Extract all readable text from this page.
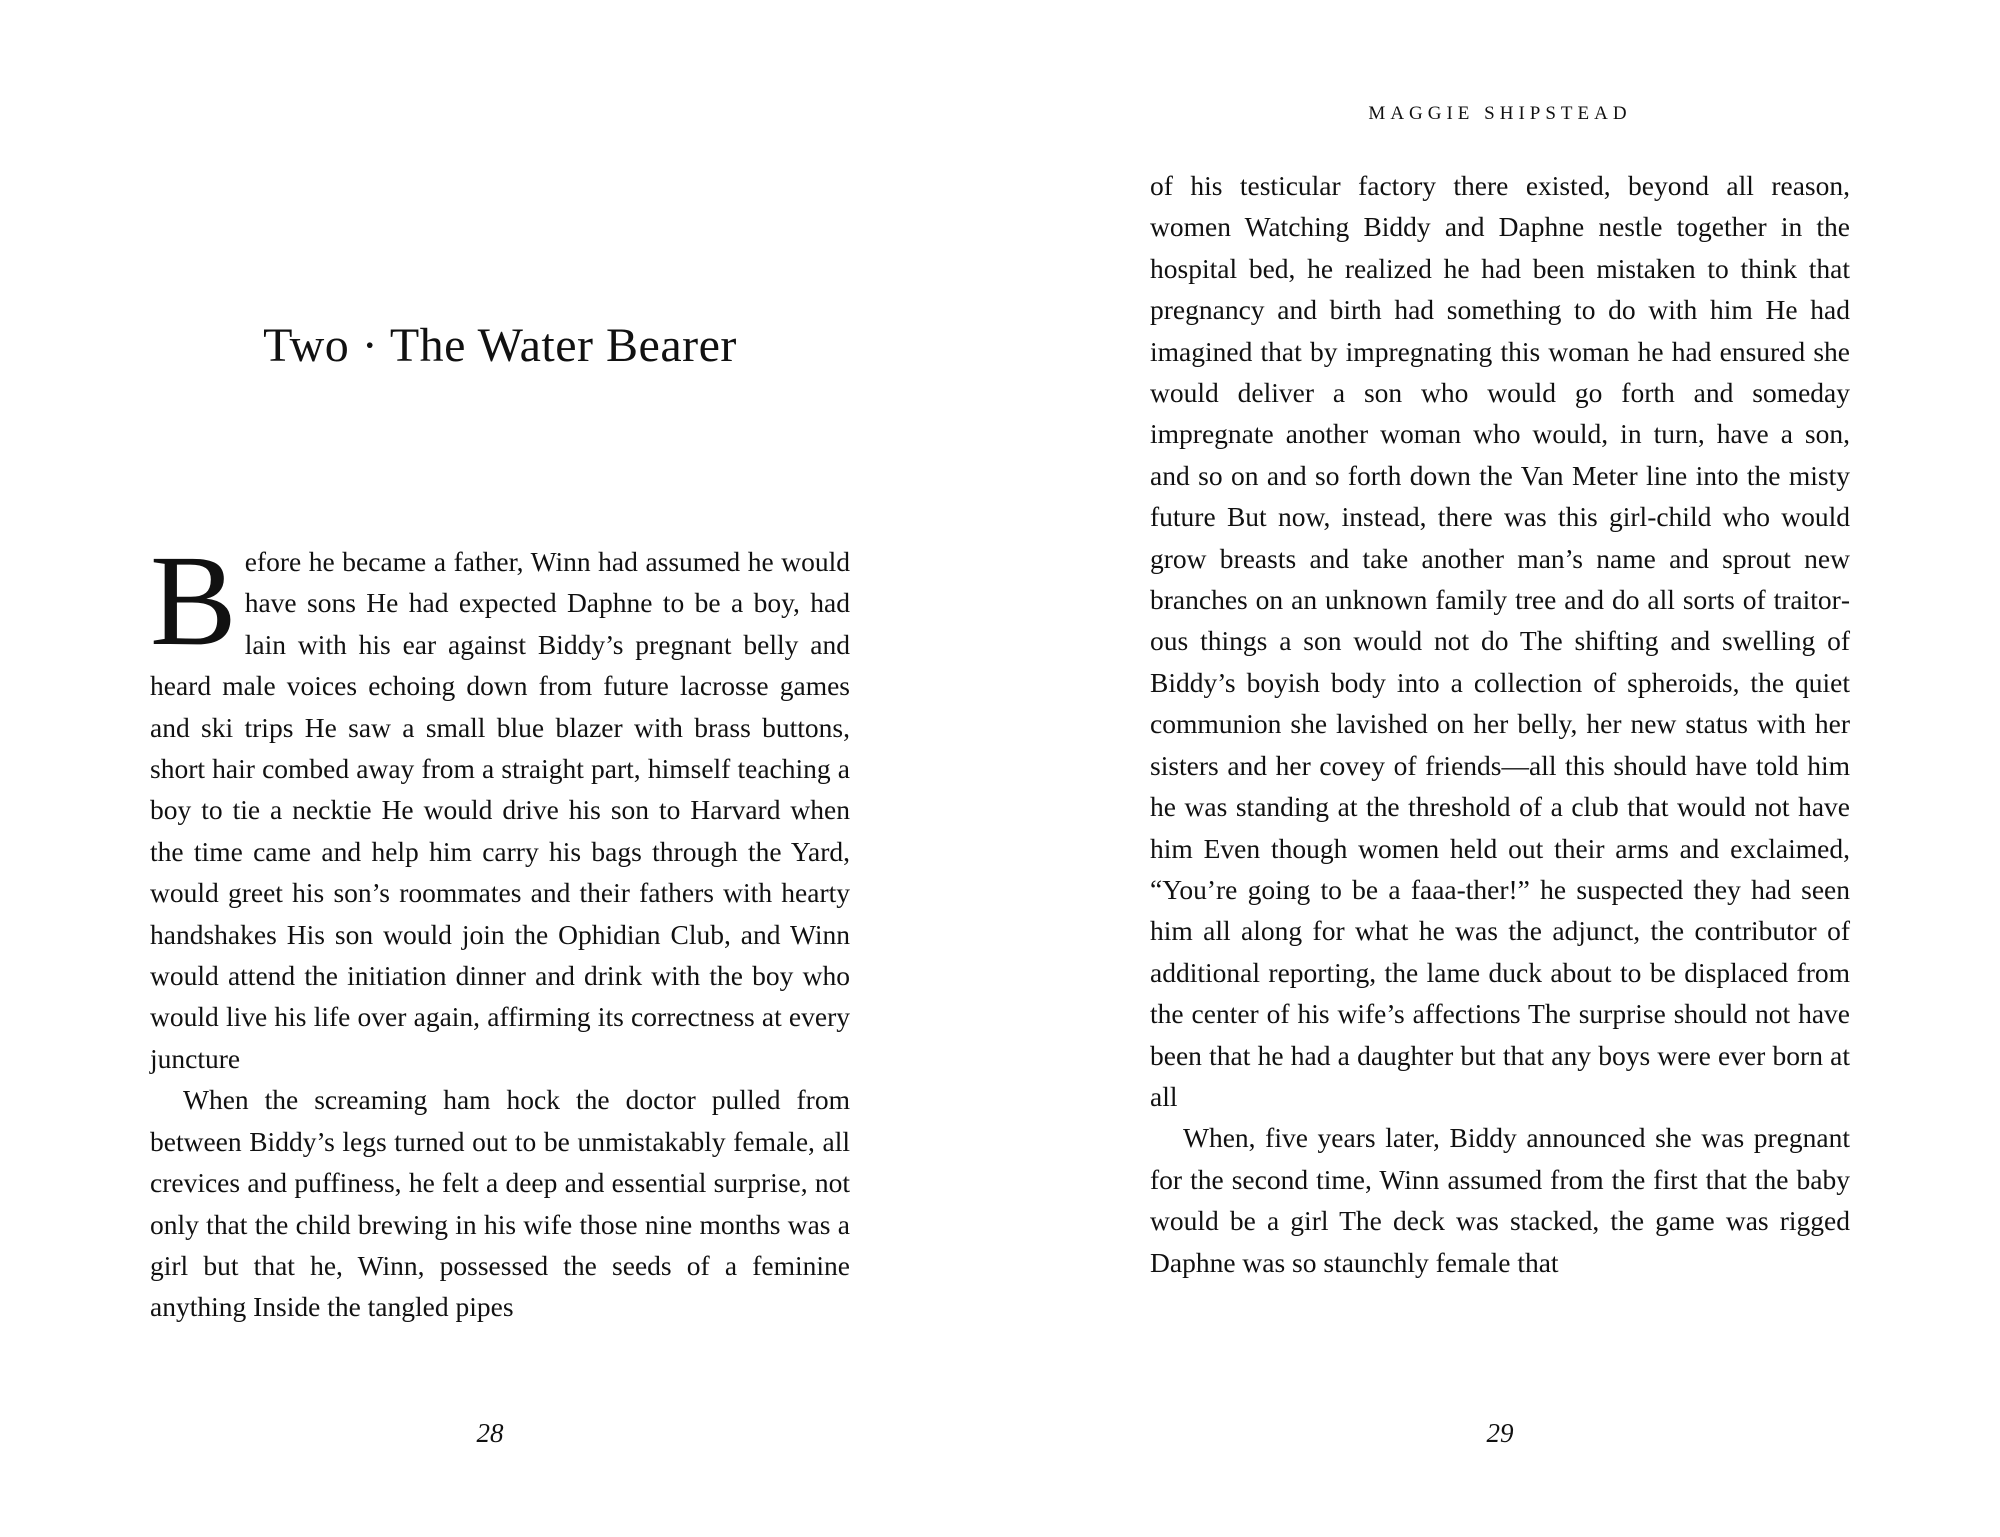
Two · The Water Bearer

Before he became a father, Winn had assumed he would have sons He had expected Daphne to be a boy, had lain with his ear against Biddy’s pregnant belly and heard male voices echoing down from future lacrosse games and ski trips He saw a small blue blazer with brass buttons, short hair combed away from a straight part, himself teaching a boy to tie a necktie He would drive his son to Harvard when the time came and help him carry his bags through the Yard, would greet his son’s roommates and their fathers with hearty handshakes His son would join the Ophidian Club, and Winn would attend the initiation dinner and drink with the boy who would live his life over again, affirming its correctness at every juncture

When the screaming ham hock the doctor pulled from between Biddy’s legs turned out to be unmistakably female, all crevices and puffiness, he felt a deep and essential surprise, not only that the child brewing in his wife those nine months was a girl but that he, Winn, possessed the seeds of a feminine anything Inside the tangled pipes

28
MAGGIE SHIPSTEAD

of his testicular factory there existed, beyond all reason, women Watching Biddy and Daphne nestle together in the hospital bed, he realized he had been mistaken to think that pregnancy and birth had something to do with him He had imagined that by impregnating this woman he had ensured she would deliver a son who would go forth and someday impregnate another woman who would, in turn, have a son, and so on and so forth down the Van Meter line into the misty future But now, instead, there was this girl-child who would grow breasts and take another man’s name and sprout new branches on an unknown family tree and do all sorts of traitorous things a son would not do The shifting and swelling of Biddy’s boyish body into a collection of spheroids, the quiet communion she lavished on her belly, her new status with her sisters and her covey of friends—all this should have told him he was standing at the threshold of a club that would not have him Even though women held out their arms and exclaimed, “You’re going to be a faaa-ther!” he suspected they had seen him all along for what he was the adjunct, the contributor of additional reporting, the lame duck about to be displaced from the center of his wife’s affections The surprise should not have been that he had a daughter but that any boys were ever born at all

When, five years later, Biddy announced she was pregnant for the second time, Winn assumed from the first that the baby would be a girl The deck was stacked, the game was rigged Daphne was so staunchly female that

29
